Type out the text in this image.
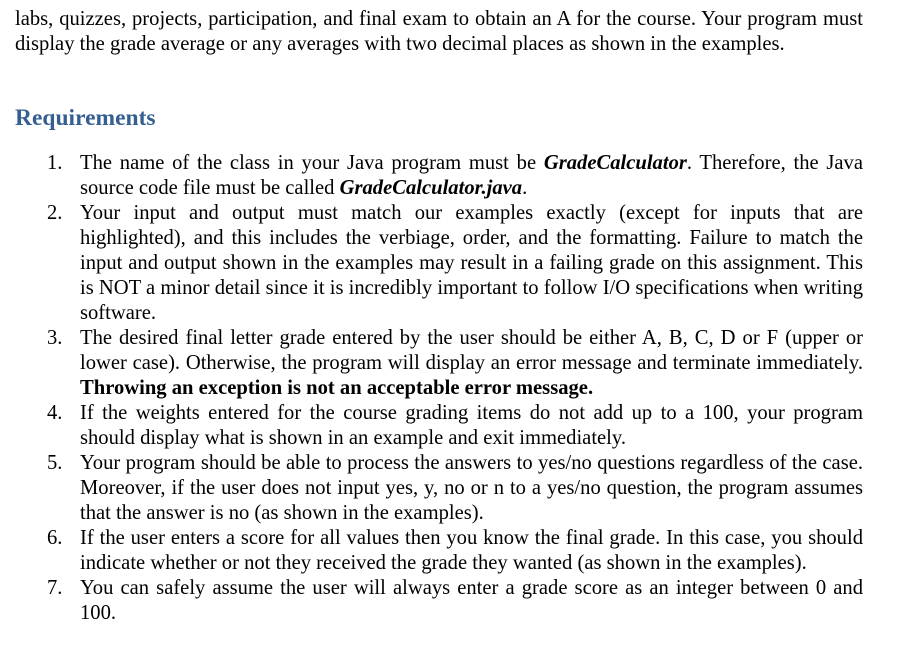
labs, quizzes, projects, participation, and final exam to obtain an A for the course. Your program must display the grade average or any averages with two decimal places as shown in the examples.

Requirements
1. The name of the class in your Java program must be GradeCalculator. Therefore, the Java source code file must be called GradeCalculator.java.
2. Your input and output must match our examples exactly (except for inputs that are highlighted), and this includes the verbiage, order, and the formatting. Failure to match the input and output shown in the examples may result in a failing grade on this assignment. This is NOT a minor detail since it is incredibly important to follow I/O specifications when writing software.
3. The desired final letter grade entered by the user should be either A, B, C, D or F (upper or lower case). Otherwise, the program will display an error message and terminate immediately. Throwing an exception is not an acceptable error message.
4. If the weights entered for the course grading items do not add up to a 100, your program should display what is shown in an example and exit immediately.
5. Your program should be able to process the answers to yes/no questions regardless of the case. Moreover, if the user does not input yes, y, no or n to a yes/no question, the program assumes that the answer is no (as shown in the examples).
6. If the user enters a score for all values then you know the final grade. In this case, you should indicate whether or not they received the grade they wanted (as shown in the examples).
7. You can safely assume the user will always enter a grade score as an integer between 0 and 100.
